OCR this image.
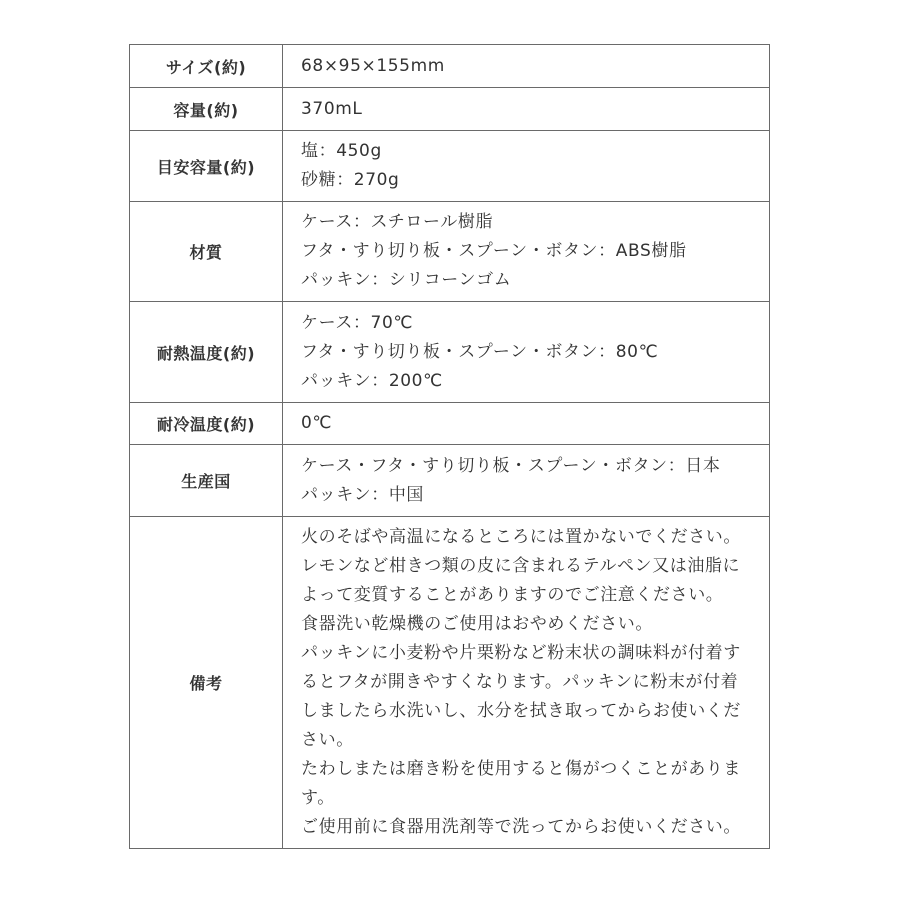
サイズ(約)	68×95×155mm

容量(約)	370mL

目安容量(約)	塩：450g
砂糖：270g

材質	ケース：スチロール樹脂
フタ・すり切り板・スプーン・ボタン：ABS樹脂
パッキン：シリコーンゴム

耐熱温度(約)	ケース：70℃
フタ・すり切り板・スプーン・ボタン：80℃
パッキン：200℃

耐冷温度(約)	0℃

生産国	ケース・フタ・すり切り板・スプーン・ボタン：日本
パッキン：中国

備考	
火のそばや高温になるところには置かないでください。
レモンなど柑きつ類の皮に含まれるテルペン又は油脂に
よって変質することがありますのでご注意ください。
食器洗い乾燥機のご使用はおやめください。
パッキンに小麦粉や片栗粉など粉末状の調味料が付着す
るとフタが開きやすくなります。パッキンに粉末が付着
しましたら水洗いし、水分を拭き取ってからお使いくだ
さい。
たわしまたは磨き粉を使用すると傷がつくことがありま
す。
ご使用前に食器用洗剤等で洗ってからお使いください。
